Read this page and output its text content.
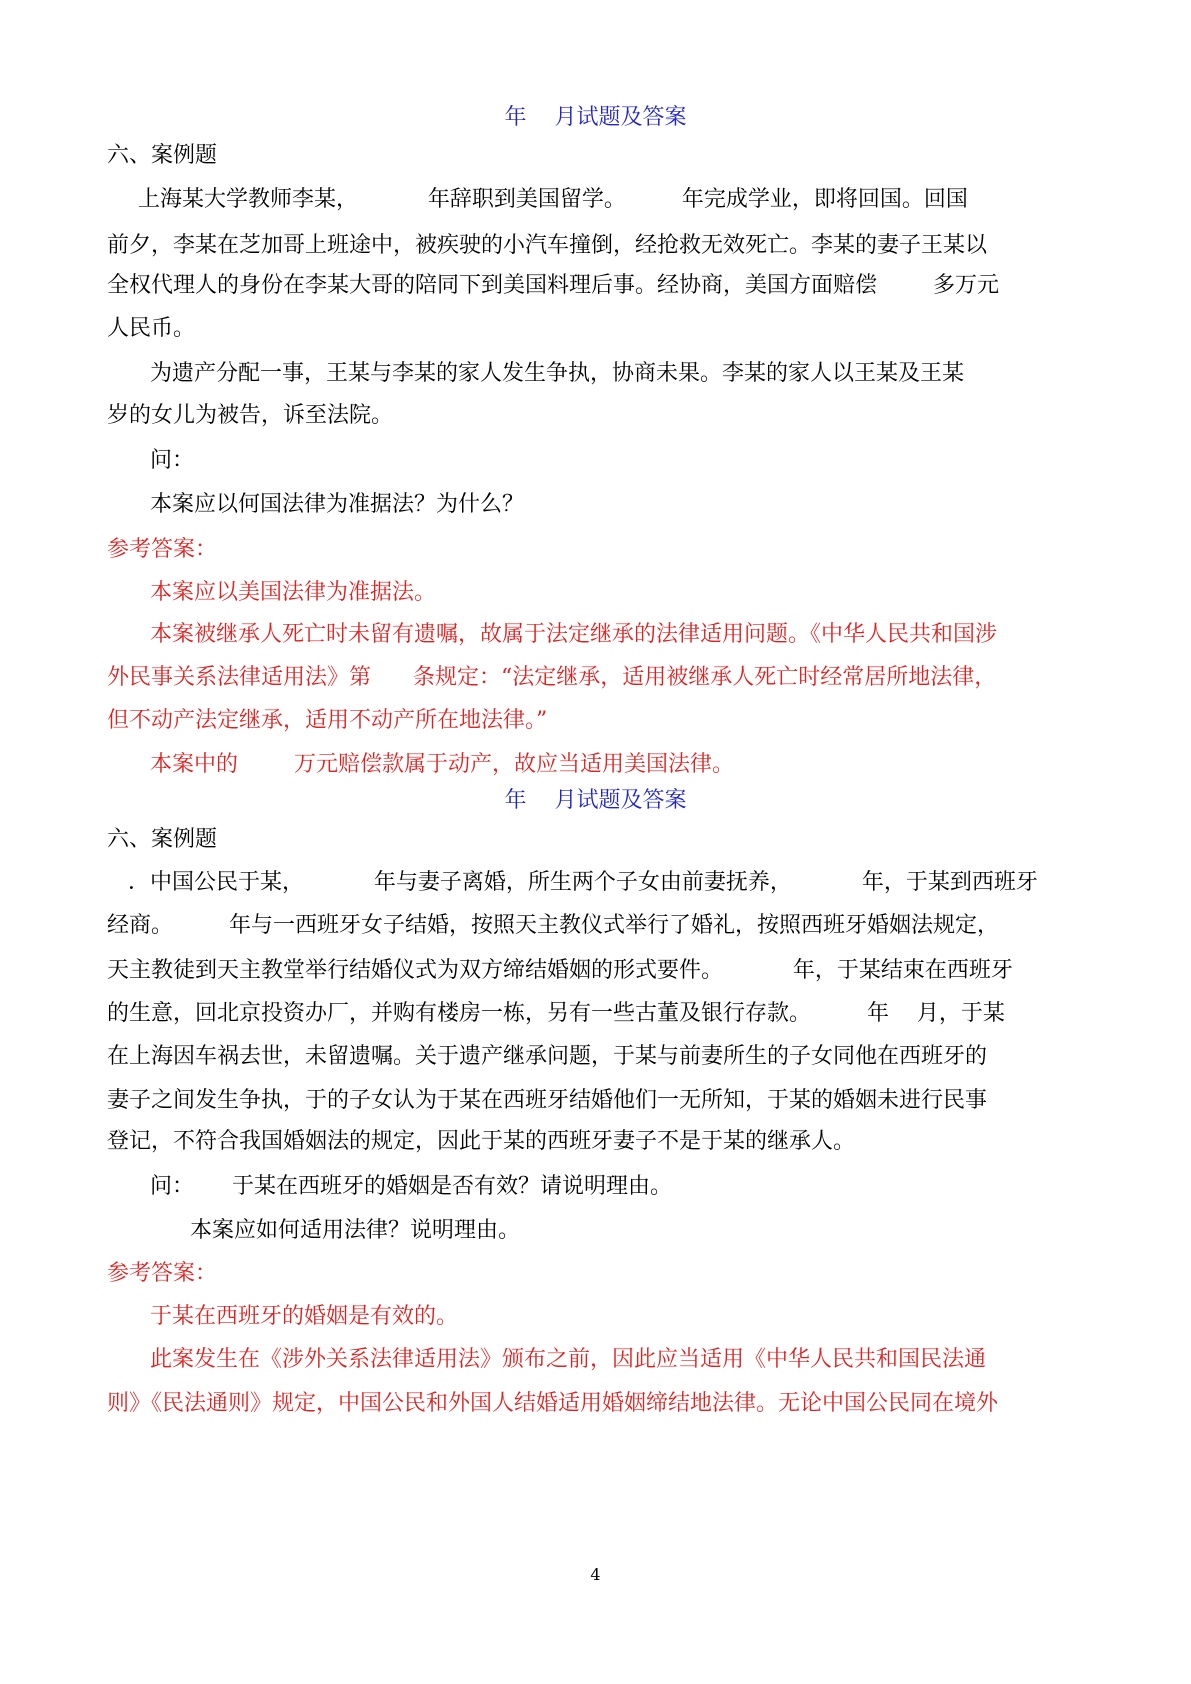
年    月试题及答案
六、案例题
上海某大学教师李某，          年辞职到美国留学。        年完成学业，即将回国。回国
前夕，李某在芝加哥上班途中，被疾驶的小汽车撞倒，经抢救无效死亡。李某的妻子王某以
全权代理人的身份在李某大哥的陪同下到美国料理后事。经协商，美国方面赔偿        多万元
人民币。
为遗产分配一事，王某与李某的家人发生争执，协商未果。李某的家人以王某及王某
岁的女儿为被告，诉至法院。
问：
本案应以何国法律为准据法？为什么？
参考答案：
本案应以美国法律为准据法。
本案被继承人死亡时未留有遗嘱，故属于法定继承的法律适用问题。《中华人民共和国涉
外民事关系法律适用法》第      条规定：“法定继承，适用被继承人死亡时经常居所地法律，
但不动产法定继承，适用不动产所在地法律。”
本案中的        万元赔偿款属于动产，故应当适用美国法律。
年    月试题及答案
六、案例题
．中国公民于某，          年与妻子离婚，所生两个子女由前妻抚养，          年，于某到西班牙
经商。        年与一西班牙女子结婚，按照天主教仪式举行了婚礼，按照西班牙婚姻法规定，
天主教徒到天主教堂举行结婚仪式为双方缔结婚姻的形式要件。          年，于某结束在西班牙
的生意，回北京投资办厂，并购有楼房一栋，另有一些古董及银行存款。        年    月，于某
在上海因车祸去世，未留遗嘱。关于遗产继承问题，于某与前妻所生的子女同他在西班牙的
妻子之间发生争执，于的子女认为于某在西班牙结婚他们一无所知，于某的婚姻未进行民事
登记，不符合我国婚姻法的规定，因此于某的西班牙妻子不是于某的继承人。
问：	于某在西班牙的婚姻是否有效？请说明理由。
本案应如何适用法律？说明理由。
参考答案：
于某在西班牙的婚姻是有效的。
此案发生在《涉外关系法律适用法》颁布之前，因此应当适用《中华人民共和国民法通
则》《民法通则》规定，中国公民和外国人结婚适用婚姻缔结地法律。无论中国公民同在境外
4
